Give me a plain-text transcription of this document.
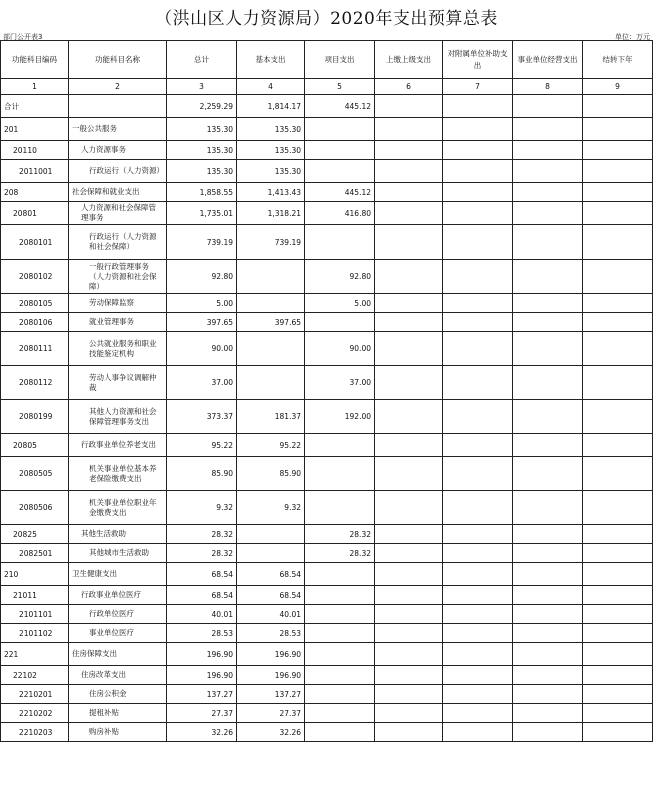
（洪山区人力资源局）2020年支出预算总表
部门公开表3	单位：万元
功能科目编码	功能科目名称	总计	基本支出	项目支出	上缴上级支出	对附属单位补助支出	事业单位经营支出	结转下年
1	2	3	4	5	6	7	8	9
合计		2,259.29	1,814.17	445.12				
201	一般公共服务	135.30	135.30					
20110	人力资源事务	135.30	135.30					
2011001	行政运行（人力资源）	135.30	135.30					
208	社会保障和就业支出	1,858.55	1,413.43	445.12				
20801	人力资源和社会保障管理事务	1,735.01	1,318.21	416.80				
2080101	行政运行（人力资源和社会保障）	739.19	739.19					
2080102	一般行政管理事务（人力资源和社会保障）	92.80		92.80				
2080105	劳动保障监察	5.00		5.00				
2080106	就业管理事务	397.65	397.65					
2080111	公共就业服务和职业技能鉴定机构	90.00		90.00				
2080112	劳动人事争议调解仲裁	37.00		37.00				
2080199	其他人力资源和社会保障管理事务支出	373.37	181.37	192.00				
20805	行政事业单位养老支出	95.22	95.22					
2080505	机关事业单位基本养老保险缴费支出	85.90	85.90					
2080506	机关事业单位职业年金缴费支出	9.32	9.32					
20825	其他生活救助	28.32		28.32				
2082501	其他城市生活救助	28.32		28.32				
210	卫生健康支出	68.54	68.54					
21011	行政事业单位医疗	68.54	68.54					
2101101	行政单位医疗	40.01	40.01					
2101102	事业单位医疗	28.53	28.53					
221	住房保障支出	196.90	196.90					
22102	住房改革支出	196.90	196.90					
2210201	住房公积金	137.27	137.27					
2210202	提租补贴	27.37	27.37					
2210203	购房补贴	32.26	32.26					
